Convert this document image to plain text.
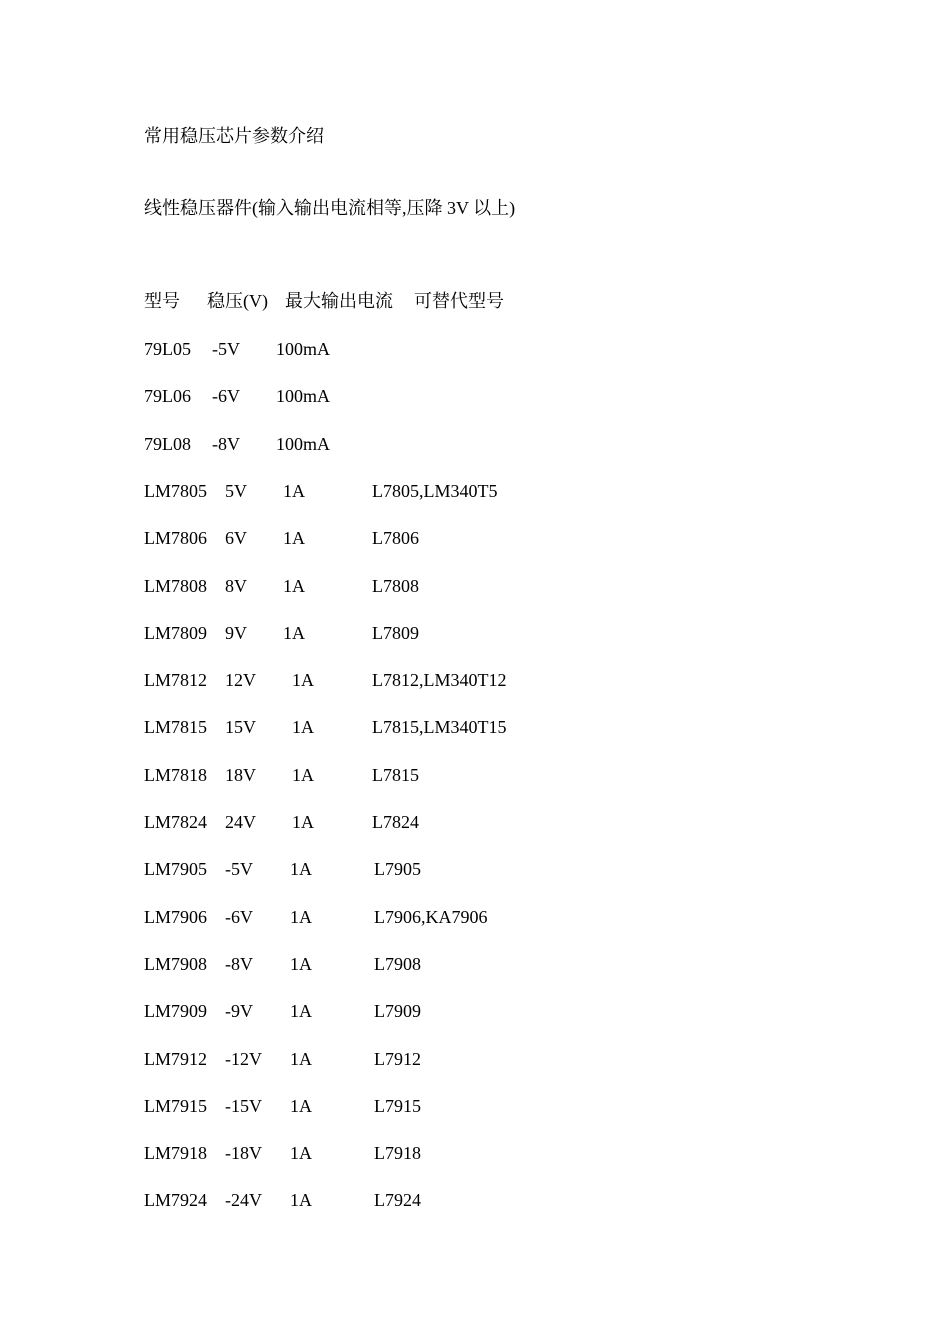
常用稳压芯片参数介绍
线性稳压器件(输入输出电流相等,压降 3V 以上)
型号 稳压(V) 最大输出电流 可替代型号
79L05 -5V 100mA
79L06 -6V 100mA
79L08 -8V 100mA
LM7805 5V 1A	L7805,LM340T5
LM7806 6V 1A	L7806
LM7808 8V 1A	L7808
LM7809 9V 1A	L7809
LM7812 12V 1A	L7812,LM340T12
LM7815 15V 1A	L7815,LM340T15
LM7818 18V 1A	L7815
LM7824 24V 1A	L7824
LM7905 -5V 1A	L7905
LM7906 -6V 1A	L7906,KA7906
LM7908 -8V 1A	L7908
LM7909 -9V 1A	L7909
LM7912 -12V 1A	L7912
LM7915 -15V 1A	L7915
LM7918 -18V 1A	L7918
LM7924 -24V 1A	L7924
